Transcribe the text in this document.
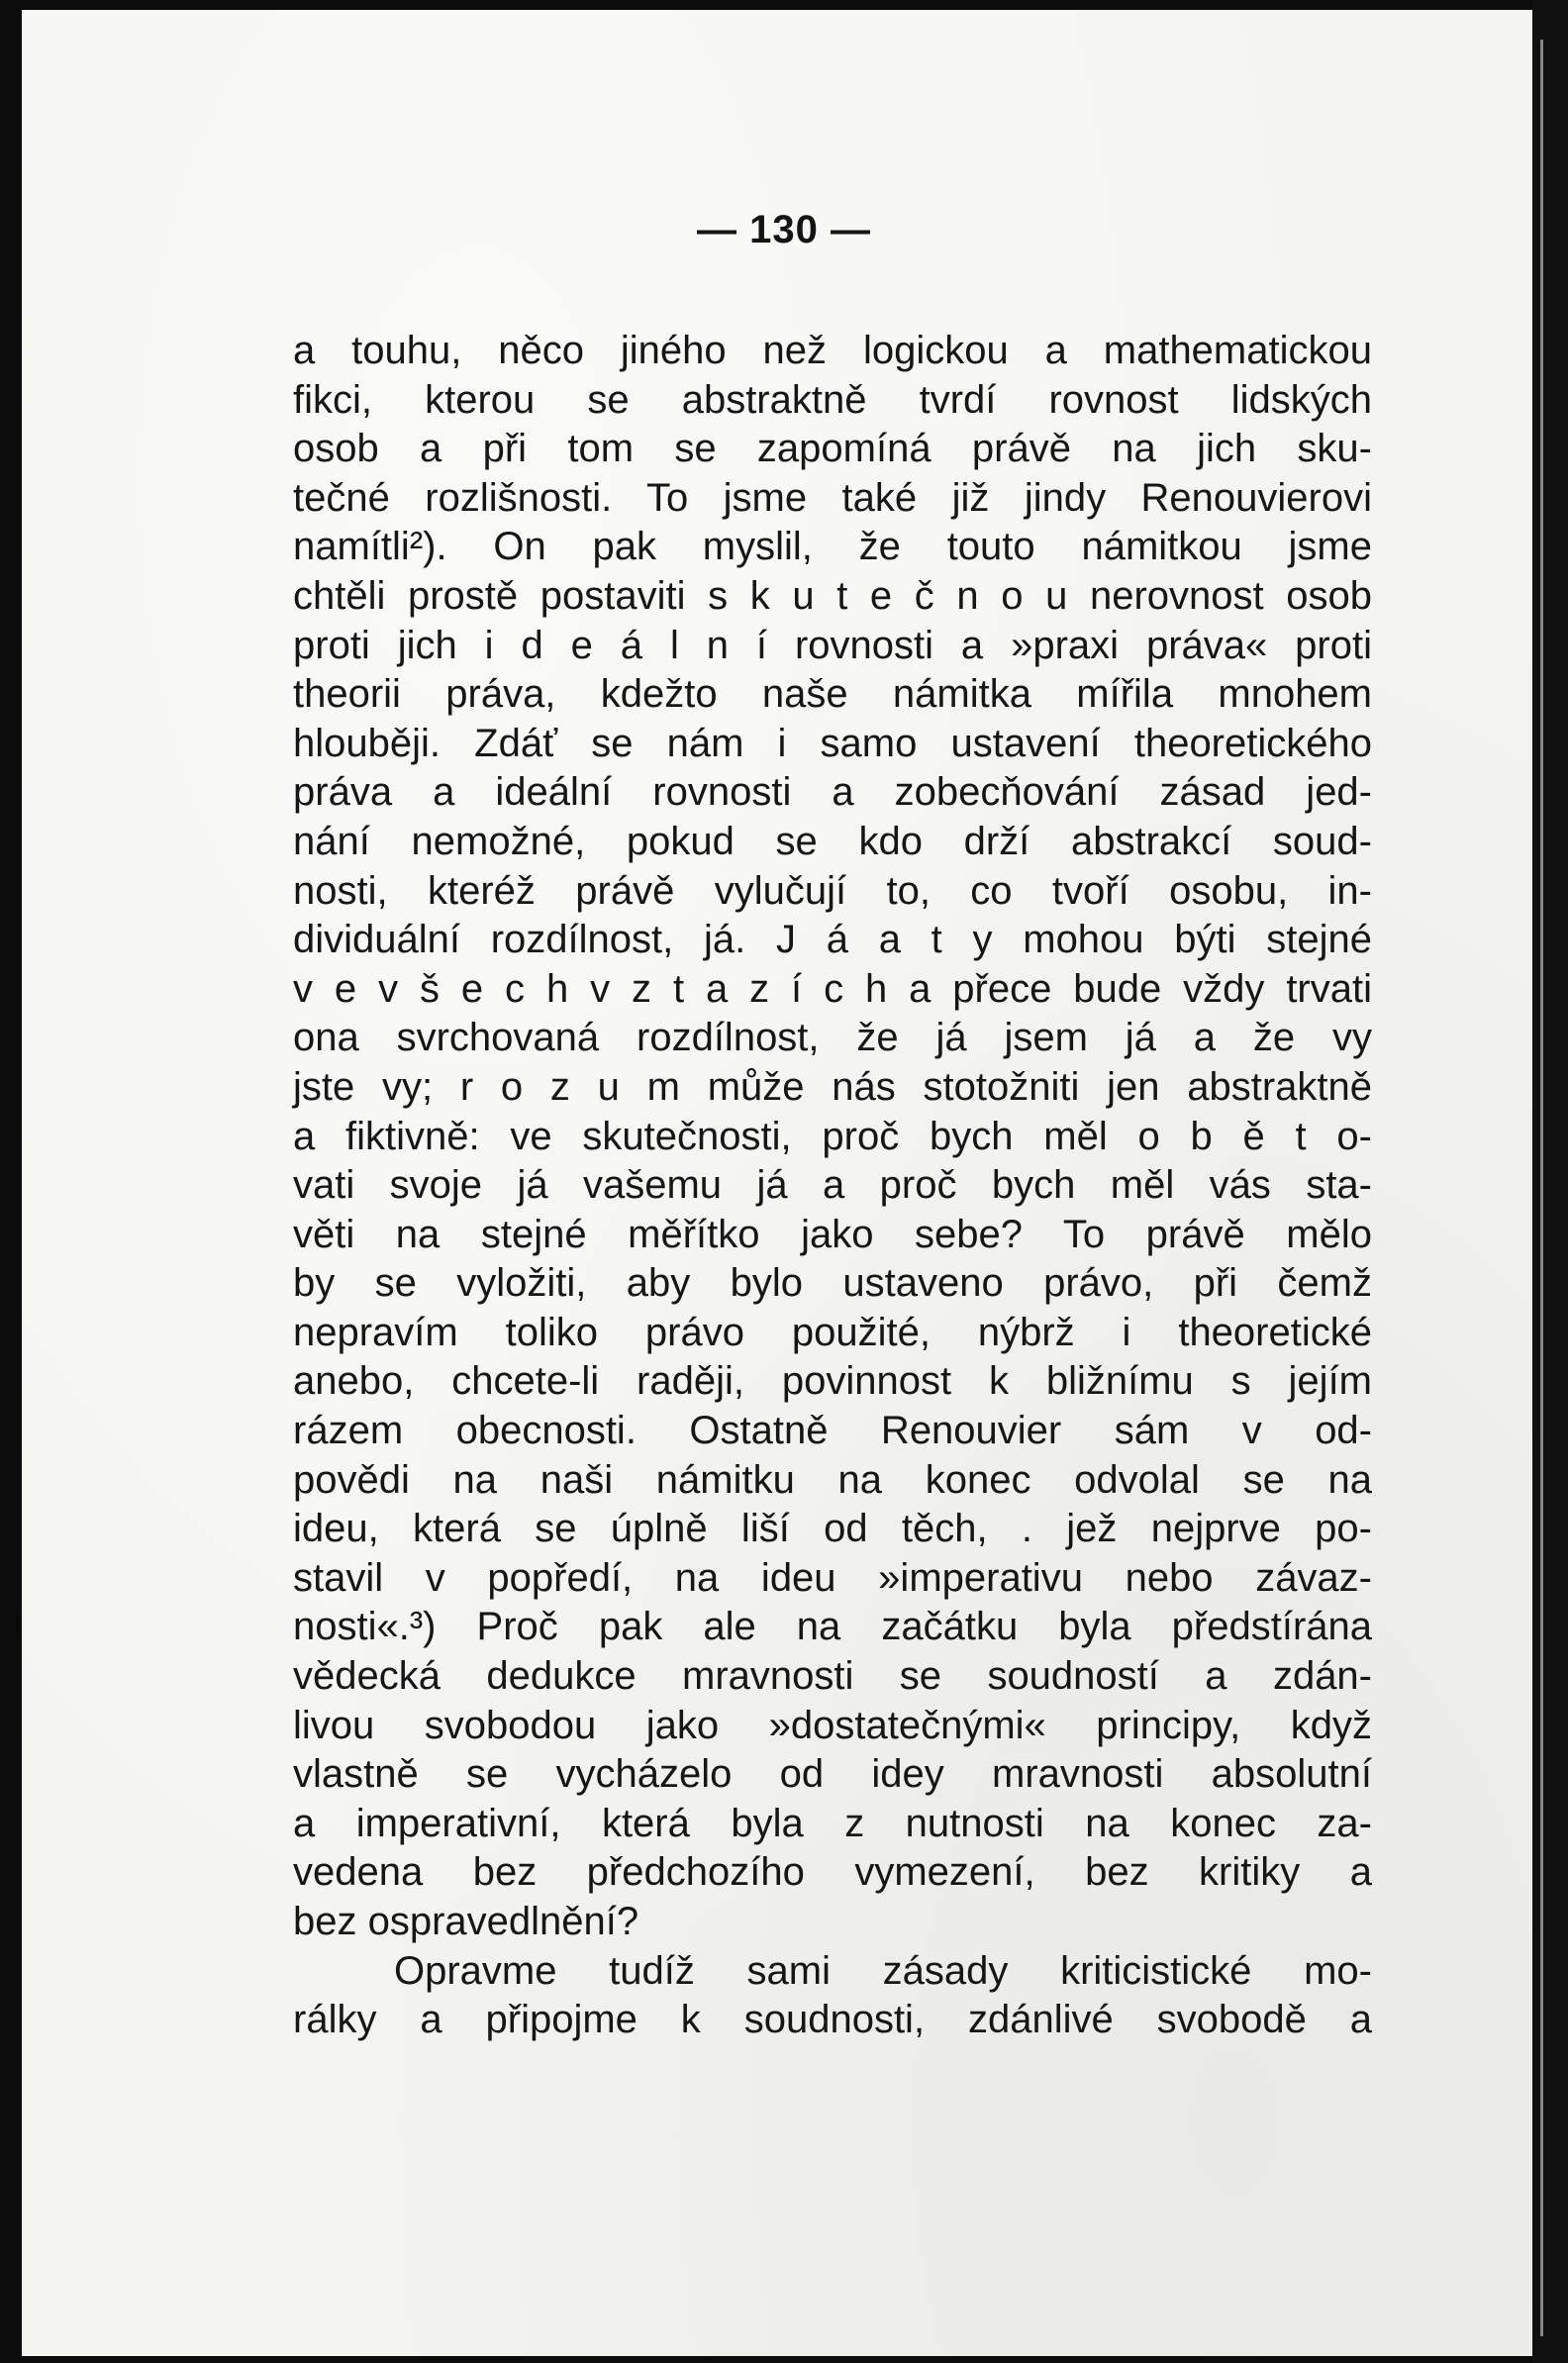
— 130 —
a touhu, něco jiného než logickou a mathematickou
fikci, kterou se abstraktně tvrdí rovnost lidských
osob a při tom se zapomíná právě na jich sku-
tečné rozlišnosti. To jsme také již jindy Renouvierovi
namítli²). On pak myslil, že touto námitkou jsme
chtěli prostě postaviti s k u t e č n o u nerovnost osob
proti jich i d e á l n í rovnosti a »praxi práva« proti
theorii práva, kdežto naše námitka mířila mnohem
hlouběji. Zdáť se nám i samo ustavení theoretického
práva a ideální rovnosti a zobecňování zásad jed-
nání nemožné, pokud se kdo drží abstrakcí soud-
nosti, kteréž právě vylučují to, co tvoří osobu, in-
dividuální rozdílnost, já. J á a t y mohou býti stejné
v e v š e c h v z t a z í c h a přece bude vždy trvati
ona svrchovaná rozdílnost, že já jsem já a že vy
jste vy; r o z u m může nás stotožniti jen abstraktně
a fiktivně: ve skutečnosti, proč bych měl o b ě t o-
vati svoje já vašemu já a proč bych měl vás sta-
věti na stejné měřítko jako sebe? To právě mělo
by se vyložiti, aby bylo ustaveno právo, při čemž
nepravím toliko právo použité, nýbrž i theoretické
anebo, chcete-li raději, povinnost k bližnímu s jejím
rázem obecnosti. Ostatně Renouvier sám v od-
povědi na naši námitku na konec odvolal se na
ideu, která se úplně liší od těch, . jež nejprve po-
stavil v popředí, na ideu »imperativu nebo závaz-
nosti«.³) Proč pak ale na začátku byla předstírána
vědecká dedukce mravnosti se soudností a zdán-
livou svobodou jako »dostatečnými« principy, když
vlastně se vycházelo od idey mravnosti absolutní
a imperativní, která byla z nutnosti na konec za-
vedena bez předchozího vymezení, bez kritiky a
bez ospravedlnění?
Opravme tudíž sami zásady kriticistické mo-
rálky a připojme k soudnosti, zdánlivé svobodě a
